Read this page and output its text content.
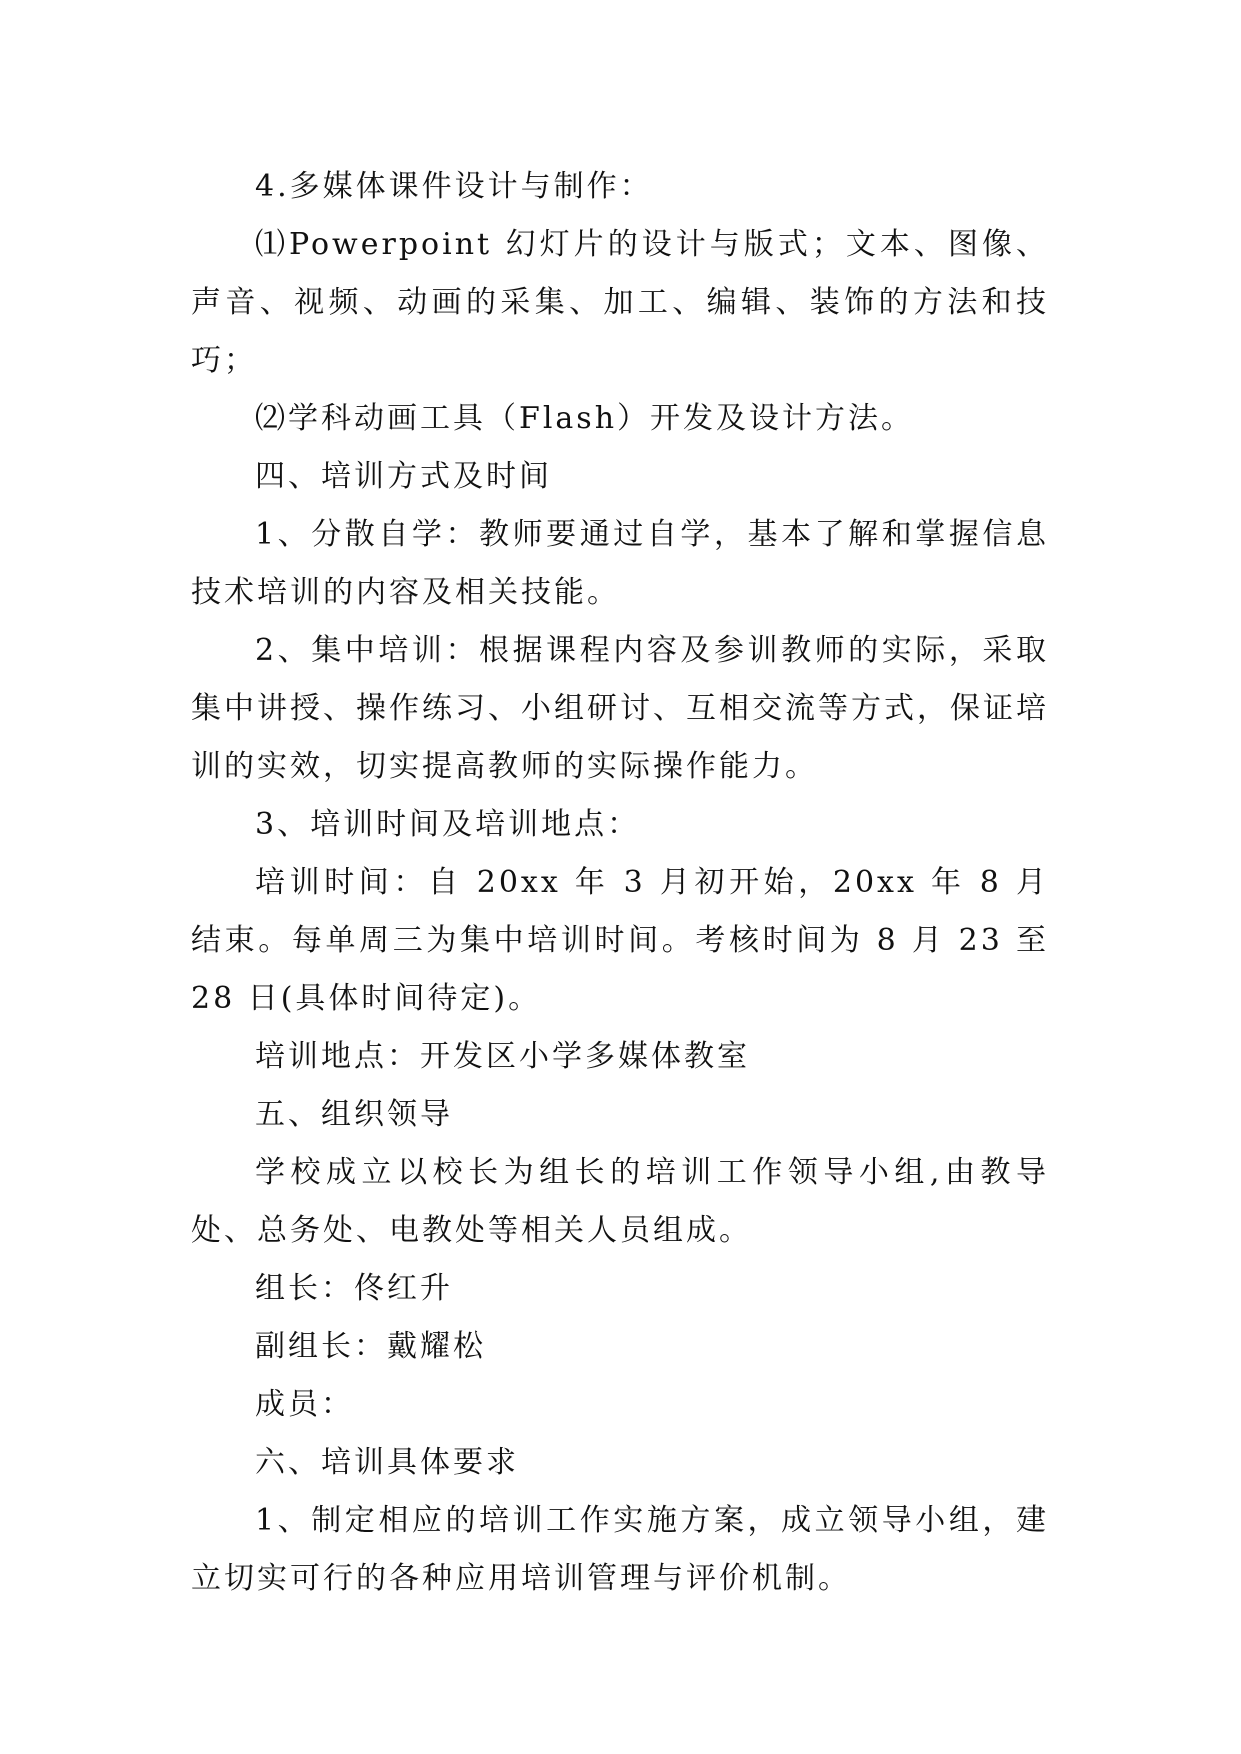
4.多媒体课件设计与制作：

⑴Powerpoint 幻灯片的设计与版式；文本、图像、声音、视频、动画的采集、加工、编辑、装饰的方法和技巧；

⑵学科动画工具（Flash）开发及设计方法。

四、培训方式及时间

1、分散自学：教师要通过自学，基本了解和掌握信息技术培训的内容及相关技能。

2、集中培训：根据课程内容及参训教师的实际，采取集中讲授、操作练习、小组研讨、互相交流等方式，保证培训的实效，切实提高教师的实际操作能力。

3、培训时间及培训地点：

培训时间：自 20xx 年 3 月初开始，20xx 年 8 月结束。每单周三为集中培训时间。考核时间为 8 月 23 至 28 日(具体时间待定)。

培训地点：开发区小学多媒体教室

五、组织领导

学校成立以校长为组长的培训工作领导小组,由教导处、总务处、电教处等相关人员组成。

组长：佟红升

副组长：戴耀松

成员：

六、培训具体要求

1、制定相应的培训工作实施方案，成立领导小组，建立切实可行的各种应用培训管理与评价机制。
